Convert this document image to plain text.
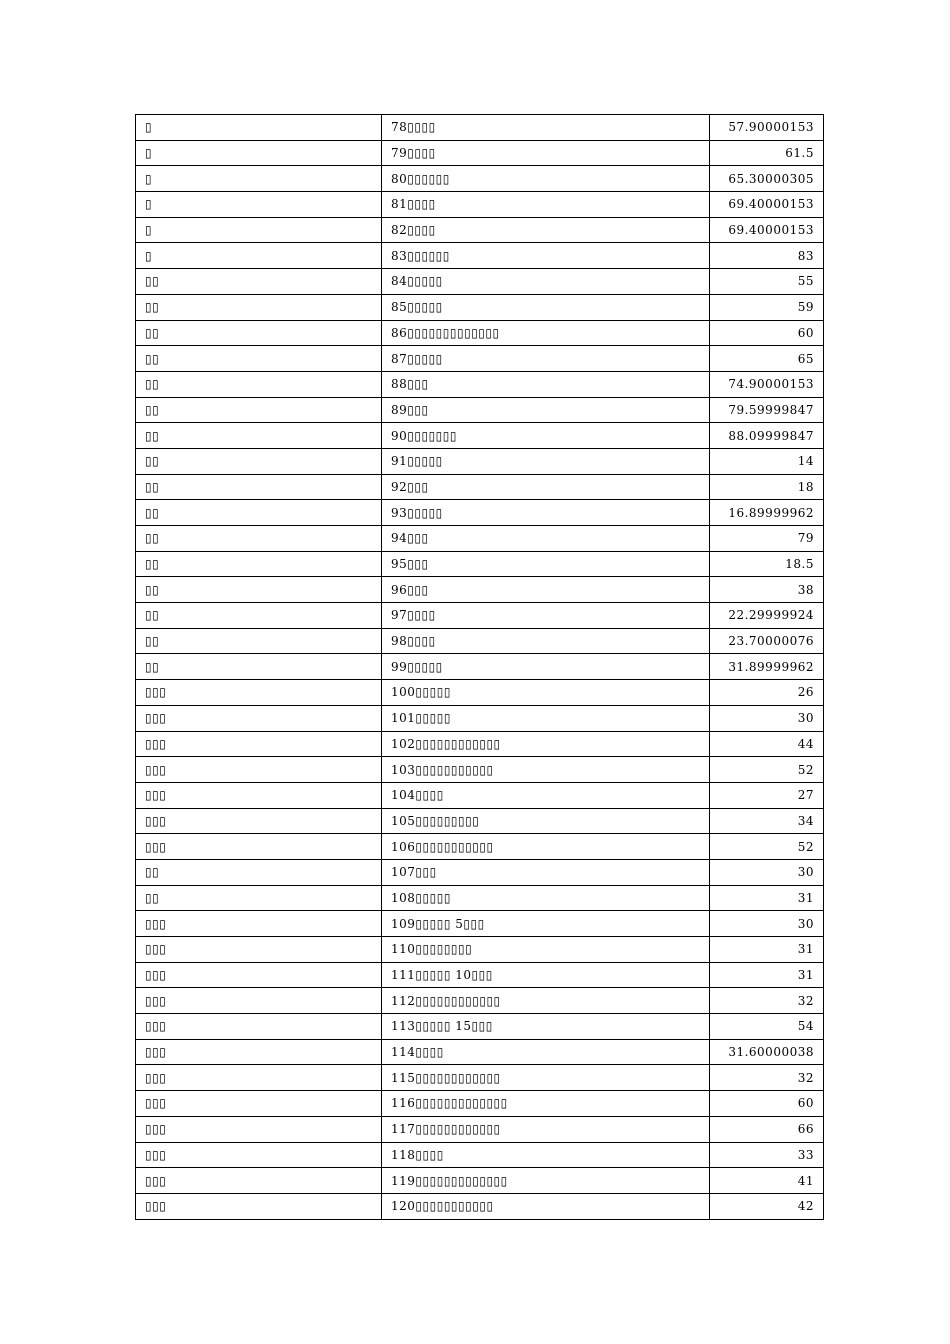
▯	78▯▯▯▯	57.90000153
▯	79▯▯▯▯	61.5
▯	80▯▯▯▯▯▯	65.30000305
▯	81▯▯▯▯	69.40000153
▯	82▯▯▯▯	69.40000153
▯	83▯▯▯▯▯▯	83
▯▯	84▯▯▯▯▯	55
▯▯	85▯▯▯▯▯	59
▯▯	86▯▯▯▯▯▯▯▯▯▯▯▯▯	60
▯▯	87▯▯▯▯▯	65
▯▯	88▯▯▯	74.90000153
▯▯	89▯▯▯	79.59999847
▯▯	90▯▯▯▯▯▯▯	88.09999847
▯▯	91▯▯▯▯▯	14
▯▯	92▯▯▯	18
▯▯	93▯▯▯▯▯	16.89999962
▯▯	94▯▯▯	79
▯▯	95▯▯▯	18.5
▯▯	96▯▯▯	38
▯▯	97▯▯▯▯	22.29999924
▯▯	98▯▯▯▯	23.70000076
▯▯	99▯▯▯▯▯	31.89999962
▯▯▯	100▯▯▯▯▯	26
▯▯▯	101▯▯▯▯▯	30
▯▯▯	102▯▯▯▯▯▯▯▯▯▯▯▯	44
▯▯▯	103▯▯▯▯▯▯▯▯▯▯▯	52
▯▯▯	104▯▯▯▯	27
▯▯▯	105▯▯▯▯▯▯▯▯▯	34
▯▯▯	106▯▯▯▯▯▯▯▯▯▯▯	52
▯▯	107▯▯▯	30
▯▯	108▯▯▯▯▯	31
▯▯▯	109▯▯▯▯▯ 5▯▯▯	30
▯▯▯	110▯▯▯▯▯▯▯▯	31
▯▯▯	111▯▯▯▯▯ 10▯▯▯	31
▯▯▯	112▯▯▯▯▯▯▯▯▯▯▯▯	32
▯▯▯	113▯▯▯▯▯ 15▯▯▯	54
▯▯▯	114▯▯▯▯	31.60000038
▯▯▯	115▯▯▯▯▯▯▯▯▯▯▯▯	32
▯▯▯	116▯▯▯▯▯▯▯▯▯▯▯▯▯	60
▯▯▯	117▯▯▯▯▯▯▯▯▯▯▯▯	66
▯▯▯	118▯▯▯▯	33
▯▯▯	119▯▯▯▯▯▯▯▯▯▯▯▯▯	41
▯▯▯	120▯▯▯▯▯▯▯▯▯▯▯	42
